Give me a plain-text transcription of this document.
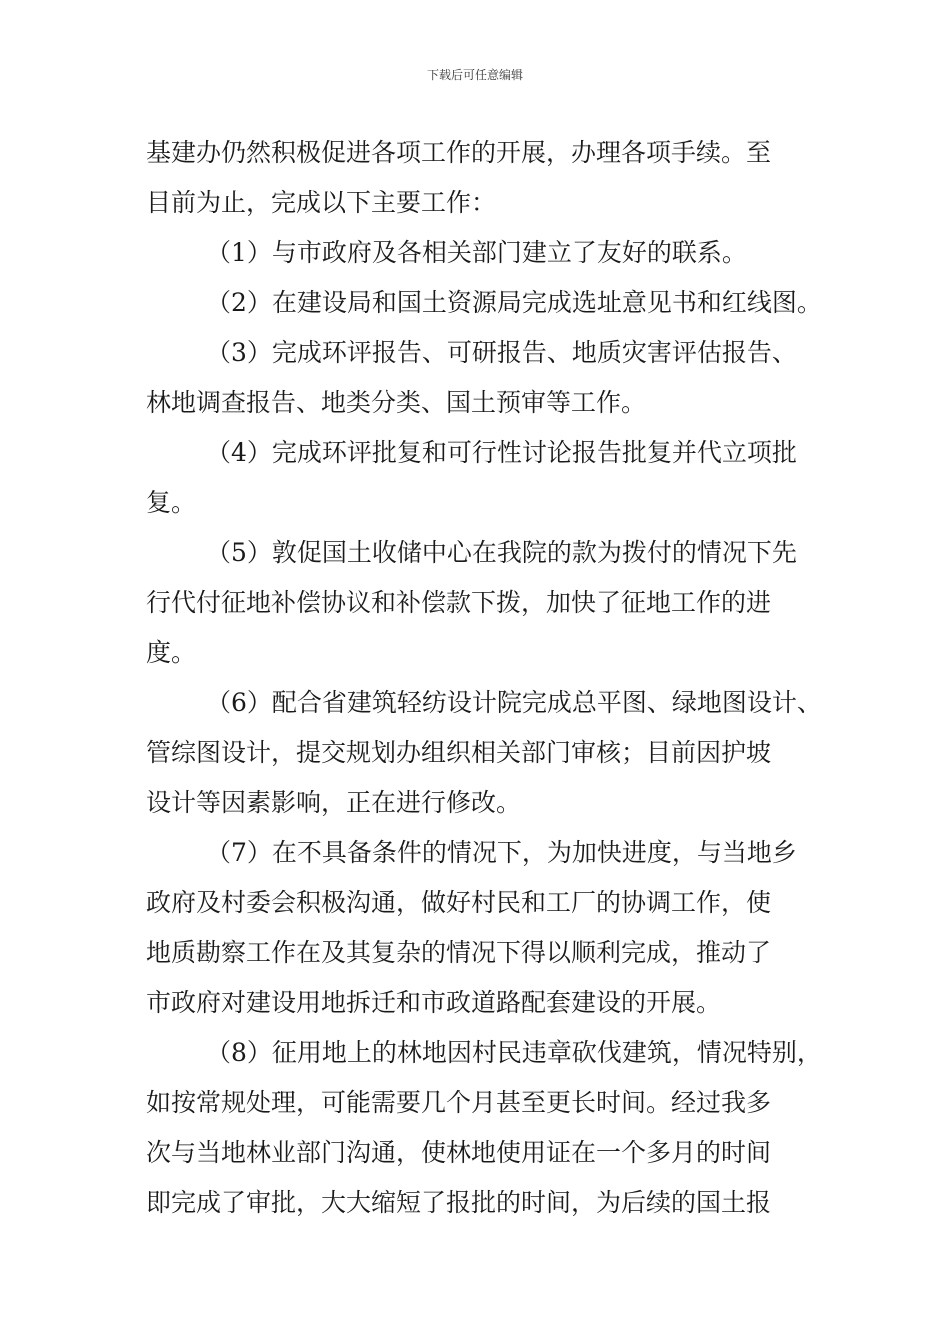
下载后可任意编辑

基建办仍然积极促进各项工作的开展，办理各项手续。至
目前为止，完成以下主要工作：

（1）与市政府及各相关部门建立了友好的联系。

（2）在建设局和国土资源局完成选址意见书和红线图。

（3）完成环评报告、可研报告、地质灾害评估报告、
林地调查报告、地类分类、国土预审等工作。

（4）完成环评批复和可行性讨论报告批复并代立项批
复。

（5）敦促国土收储中心在我院的款为拨付的情况下先
行代付征地补偿协议和补偿款下拨，加快了征地工作的进
度。

（6）配合省建筑轻纺设计院完成总平图、绿地图设计、
管综图设计，提交规划办组织相关部门审核；目前因护坡
设计等因素影响，正在进行修改。

（7）在不具备条件的情况下，为加快进度，与当地乡
政府及村委会积极沟通，做好村民和工厂的协调工作，使
地质勘察工作在及其复杂的情况下得以顺利完成，推动了
市政府对建设用地拆迁和市政道路配套建设的开展。

（8）征用地上的林地因村民违章砍伐建筑，情况特别，
如按常规处理，可能需要几个月甚至更长时间。经过我多
次与当地林业部门沟通，使林地使用证在一个多月的时间
即完成了审批，大大缩短了报批的时间，为后续的国土报
